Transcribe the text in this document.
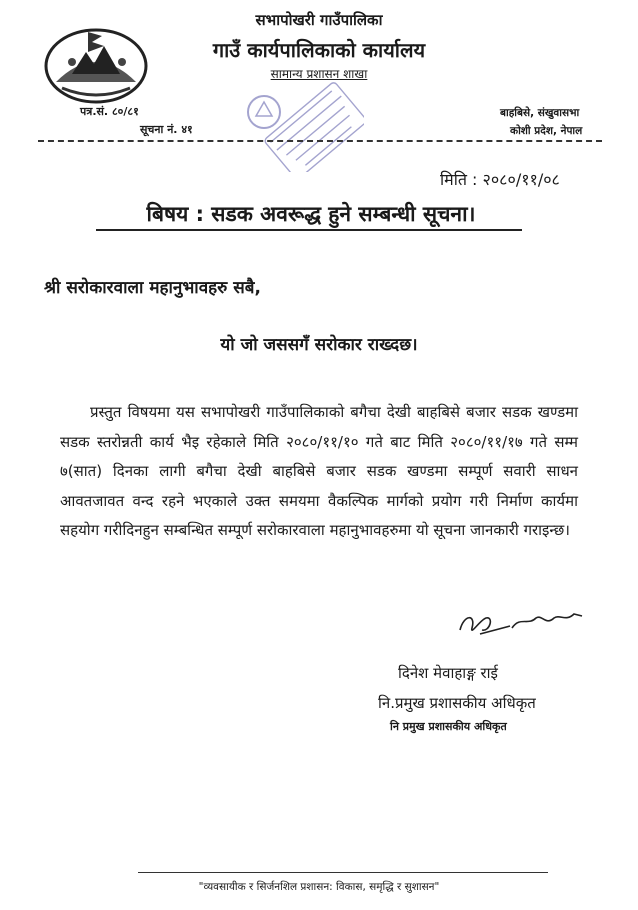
सभापोखरी गाउँपालिका
गाउँ कार्यपालिकाको कार्यालय
सामान्य प्रशासन शाखा
पत्र.सं. ८०/८१
सूचना नं. ४१
बाहबिसे, संखुवासभा
कोशी प्रदेश, नेपाल
मिति : २०८०/११/०८
बिषय : सडक अवरूद्ध हुने सम्बन्धी सूचना।
श्री सरोकारवाला महानुभावहरु सबै,
यो जो जससगँ सरोकार राख्दछ।
प्रस्तुत विषयमा यस सभापोखरी गाउँपालिकाको बगैचा देखी बाहबिसे बजार सडक खण्डमा सडक स्तरोन्नती कार्य भैइ रहेकाले मिति २०८०/११/१० गते बाट मिति २०८०/११/१७ गते सम्म ७(सात) दिनका लागी बगैचा देखी बाहबिसे बजार सडक खण्डमा सम्पूर्ण सवारी साधन आवतजावत वन्द रहने भएकाले उक्त समयमा वैकल्पिक मार्गको प्रयोग गरी निर्माण कार्यमा सहयोग गरीदिनहुन सम्बन्धित सम्पूर्ण सरोकारवाला महानुभावहरुमा यो सूचना जानकारी गराइन्छ।
दिनेश मेवाहाङ्ग राई
नि.प्रमुख प्रशासकीय अधिकृत
नि प्रमुख प्रशासकीय अधिकृत
"व्यवसायीक र सिर्जनशिल प्रशासन: विकास, समृद्धि र सुशासन"
